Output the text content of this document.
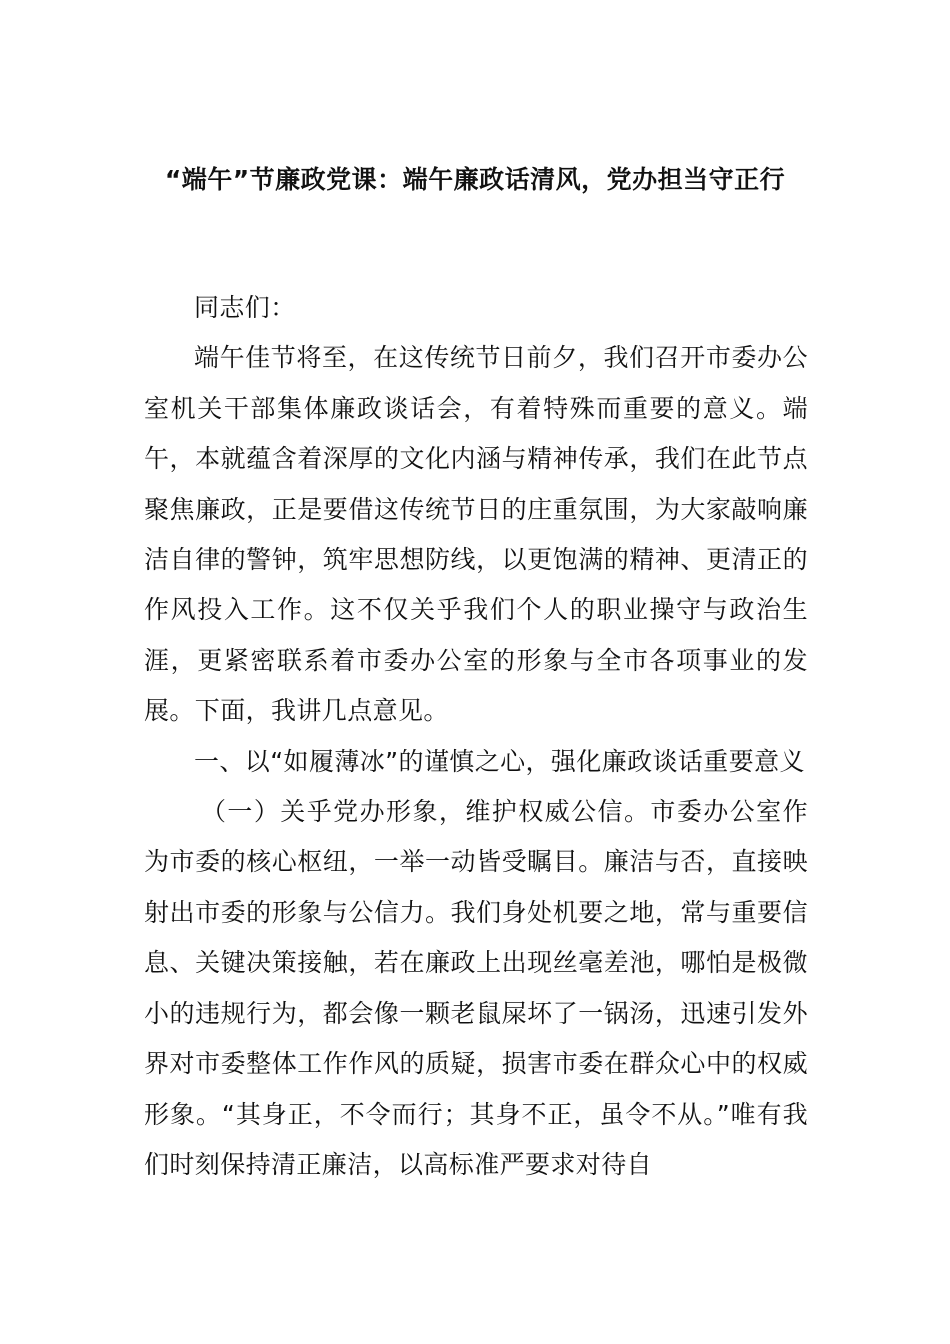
“端午”节廉政党课：端午廉政话清风，党办担当守正行

同志们：

端午佳节将至，在这传统节日前夕，我们召开市委办公室机关干部集体廉政谈话会，有着特殊而重要的意义。端午，本就蕴含着深厚的文化内涵与精神传承，我们在此节点聚焦廉政，正是要借这传统节日的庄重氛围，为大家敲响廉洁自律的警钟，筑牢思想防线，以更饱满的精神、更清正的作风投入工作。这不仅关乎我们个人的职业操守与政治生涯，更紧密联系着市委办公室的形象与全市各项事业的发展。下面，我讲几点意见。

一、以“如履薄冰”的谨慎之心，强化廉政谈话重要意义

（一）关乎党办形象，维护权威公信。市委办公室作为市委的核心枢纽，一举一动皆受瞩目。廉洁与否，直接映射出市委的形象与公信力。我们身处机要之地，常与重要信息、关键决策接触，若在廉政上出现丝毫差池，哪怕是极微小的违规行为，都会像一颗老鼠屎坏了一锅汤，迅速引发外界对市委整体工作作风的质疑，损害市委在群众心中的权威形象。“其身正，不令而行；其身不正，虽令不从。”唯有我们时刻保持清正廉洁，以高标准严要求对待自
